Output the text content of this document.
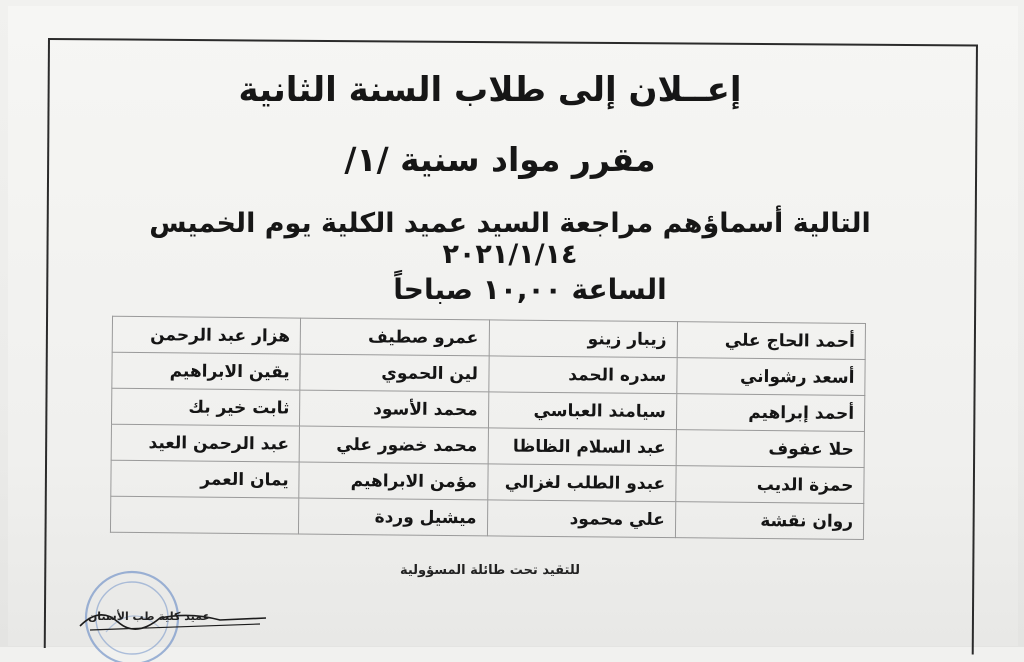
إعــلان إلى طلاب السنة الثانية
مقرر مواد سنية /١/
التالية أسماؤهم مراجعة السيد عميد الكلية يوم الخميس ٢٠٢١/١/١٤
الساعة ١٠,٠٠ صباحاً
أحمد الحاج علي	زيبار زينو	عمرو صطيف	هزار عبد الرحمن
أسعد رشواني	سدره الحمد	لين الحموي	يقين الابراهيم
أحمد إبراهيم	سيامند العباسي	محمد الأسود	ثابت خير بك
حلا عفوف	عبد السلام الظاظا	محمد خضور علي	عبد الرحمن العيد
حمزة الديب	عبدو الطلب لغزالي	مؤمن الابراهيم	يمان العمر
روان نقشة	علي محمود	ميشيل وردة	
للتقيد تحت طائلة المسؤولية
عميد كلية طب الأسنان
